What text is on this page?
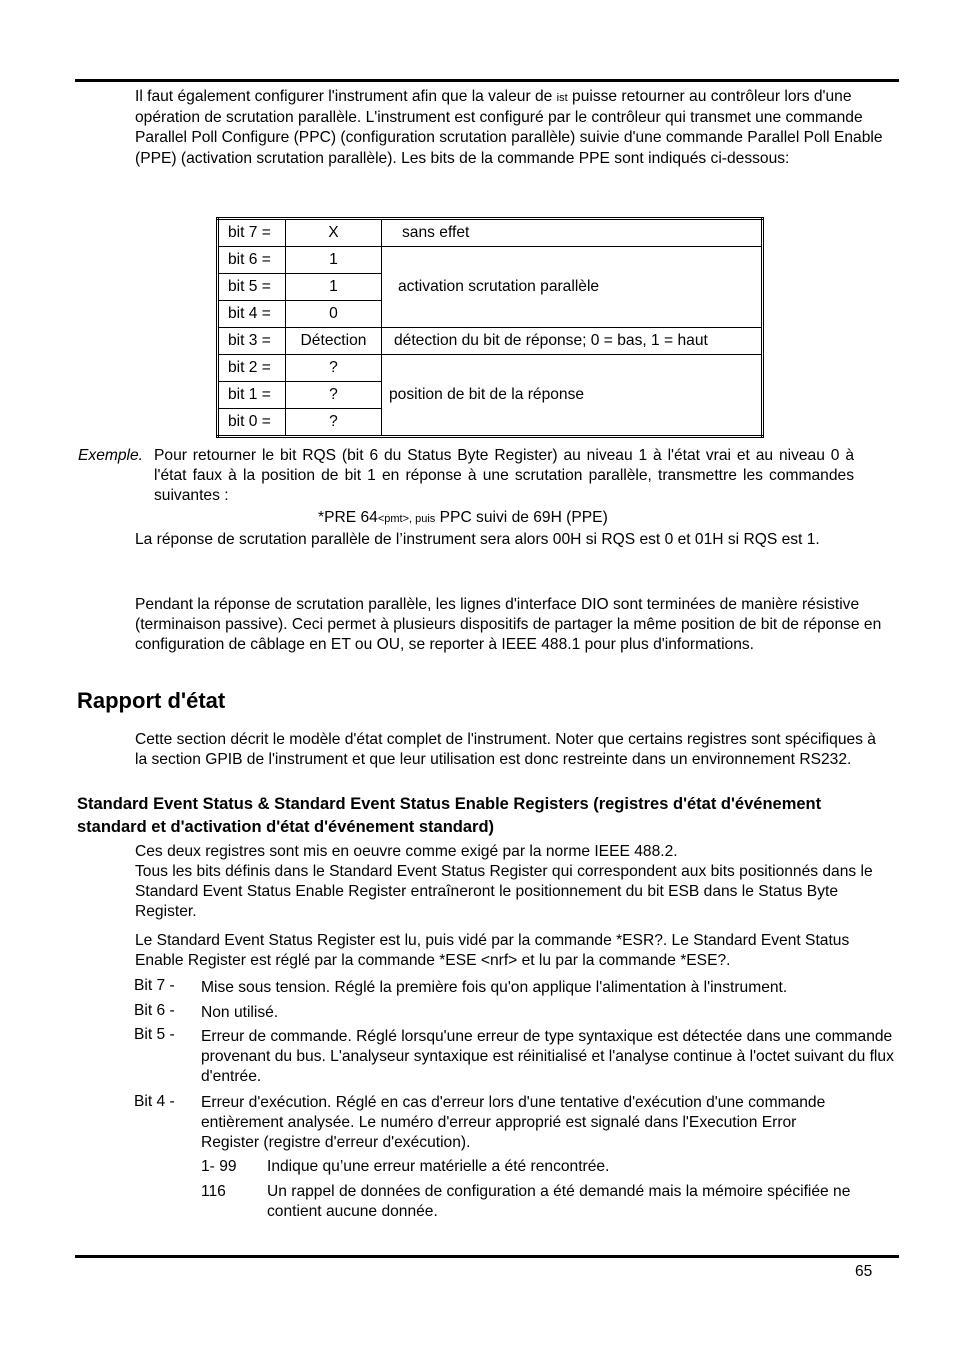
Il faut également configurer l'instrument afin que la valeur de ist puisse retourner au contrôleur lors d'une opération de scrutation parallèle. L'instrument est configuré par le contrôleur qui transmet une commande Parallel Poll Configure (PPC) (configuration scrutation parallèle) suivie d'une commande Parallel Poll Enable (PPE) (activation scrutation parallèle). Les bits de la commande PPE sont indiqués ci-dessous:
bit 7 =	X	sans effet
bit 6 =	1	activation scrutation parallèle
bit 5 =	1	
bit 4 =	0	
bit 3 =	Détection	détection du bit de réponse; 0 = bas, 1 = haut
bit 2 =	?	position de bit de la réponse
bit 1 =	?	
bit 0 =	?	
Exemple. Pour retourner le bit RQS (bit 6 du Status Byte Register) au niveau 1 à l'état vrai et au niveau 0 à l'état faux à la position de bit 1 en réponse à une scrutation parallèle, transmettre les commandes suivantes :
*PRE 64<pmt>, puis PPC suivi de 69H (PPE)
La réponse de scrutation parallèle de l’instrument sera alors 00H si RQS est 0 et 01H si RQS est 1.
Pendant la réponse de scrutation parallèle, les lignes d'interface DIO sont terminées de manière résistive (terminaison passive). Ceci permet à plusieurs dispositifs de partager la même position de bit de réponse en configuration de câblage en ET ou OU, se reporter à IEEE 488.1 pour plus d'informations.
Rapport d'état
Cette section décrit le modèle d'état complet de l'instrument. Noter que certains registres sont spécifiques à la section GPIB de l'instrument et que leur utilisation est donc restreinte dans un environnement RS232.
Standard Event Status & Standard Event Status Enable Registers (registres d'état d'événement standard et d'activation d'état d'événement standard)
Ces deux registres sont mis en oeuvre comme exigé par la norme IEEE 488.2.
Tous les bits définis dans le Standard Event Status Register qui correspondent aux bits positionnés dans le Standard Event Status Enable Register entraîneront le positionnement du bit ESB dans le Status Byte Register.
Le Standard Event Status Register est lu, puis vidé par la commande *ESR?. Le Standard Event Status Enable Register est réglé par la commande *ESE <nrf> et lu par la commande *ESE?.
Bit 7 - Mise sous tension. Réglé la première fois qu'on applique l'alimentation à l'instrument.
Bit 6 - Non utilisé.
Bit 5 - Erreur de commande. Réglé lorsqu'une erreur de type syntaxique est détectée dans une commande provenant du bus. L'analyseur syntaxique est réinitialisé et l'analyse continue à l'octet suivant du flux d'entrée.
Bit 4 - Erreur d'exécution. Réglé en cas d'erreur lors d'une tentative d'exécution d'une commande entièrement analysée. Le numéro d'erreur approprié est signalé dans l'Execution Error Register (registre d'erreur d'exécution).
1- 99 Indique qu’une erreur matérielle a été rencontrée.
116	Un rappel de données de configuration a été demandé mais la mémoire spécifiée ne contient aucune donnée.
65
